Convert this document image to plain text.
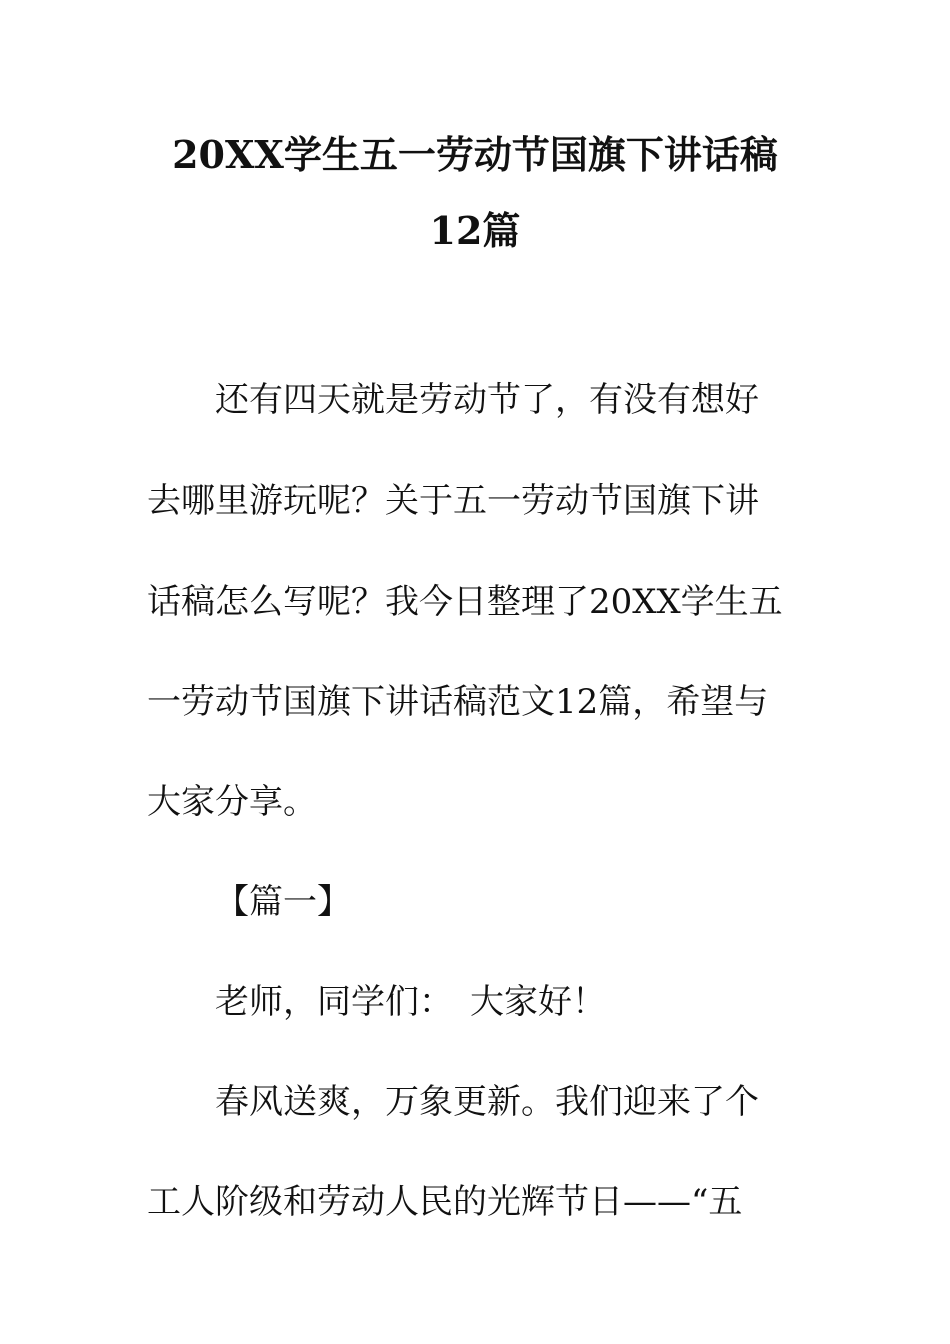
20XX学生五一劳动节国旗下讲话稿
12篇
还有四天就是劳动节了，有没有想好
去哪里游玩呢？关于五一劳动节国旗下讲
话稿怎么写呢？我今日整理了20XX学生五
一劳动节国旗下讲话稿范文12篇，希望与
大家分享。
【篇一】
老师，同学们：　大家好！
春风送爽，万象更新。我们迎来了个
工人阶级和劳动人民的光辉节日——“五
